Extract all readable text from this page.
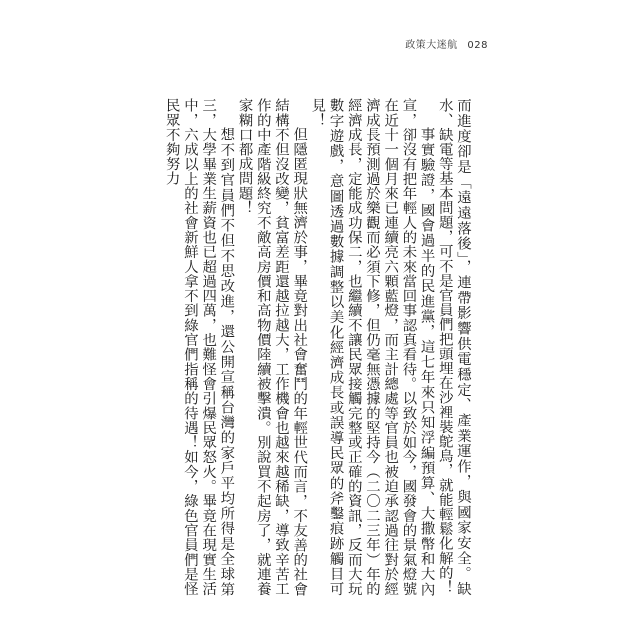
政策大迷航 028

而進度卻是「遠遠落後」，連帶影響供電穩定、產業運作，與國家安全。缺水、缺電等基本問題，可不是官員們把頭埋在沙裡裝鴕鳥，就能輕鬆化解的！

事實驗證，國會過半的民進黨，這七年來只知浮編預算、大撒幣和大內宣，卻沒有把年輕人的未來當回事認真看待。以致於如今，國發會的景氣燈號在近十一個月來已連續亮六顆藍燈，而主計總處等官員也被迫承認過往對於經濟成長預測過於樂觀而必須下修，但仍毫無憑據的堅持今（二〇二三年）年的經濟成長，定能成功保二，也繼續不讓民眾接觸完整或正確的資訊，反而大玩數字遊戲，意圖透過數據調整以美化經濟成長或誤導民眾的斧鑿痕跡觸目可見！

但隱匿現狀無濟於事，畢竟對出社會奮鬥的年輕世代而言，不友善的社會結構不但沒改變，貧富差距還越拉越大，工作機會也越來越稀缺，導致辛苦工作的中產階級終究不敵高房價和高物價陸續被擊潰。別說買不起房了，就連養家糊口都成問題！

想不到官員們不但不思改進，還公開宣稱台灣的家戶平均所得是全球第三，大學畢業生薪資也已超過四萬，也難怪會引爆民眾怒火。畢竟在現實生活中，六成以上的社會新鮮人拿不到綠官們指稱的待遇！如今，綠色官員們是怪民眾不夠努力
